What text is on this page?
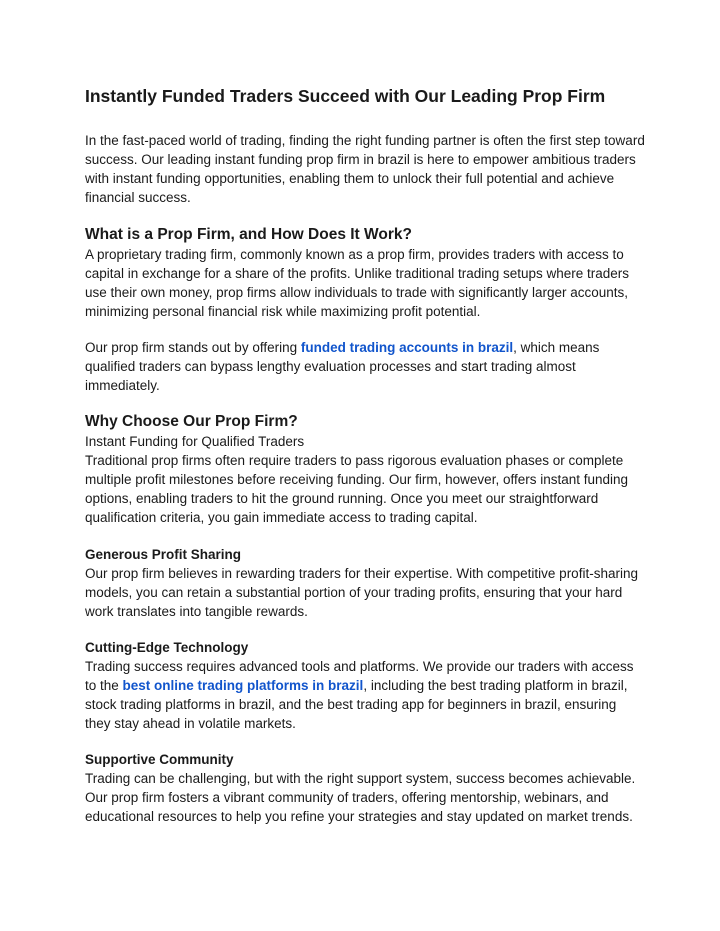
Instantly Funded Traders Succeed with Our Leading Prop Firm

In the fast-paced world of trading, finding the right funding partner is often the first step toward success. Our leading instant funding prop firm in brazil is here to empower ambitious traders with instant funding opportunities, enabling them to unlock their full potential and achieve financial success.

What is a Prop Firm, and How Does It Work?

A proprietary trading firm, commonly known as a prop firm, provides traders with access to capital in exchange for a share of the profits. Unlike traditional trading setups where traders use their own money, prop firms allow individuals to trade with significantly larger accounts, minimizing personal financial risk while maximizing profit potential.

Our prop firm stands out by offering funded trading accounts in brazil, which means qualified traders can bypass lengthy evaluation processes and start trading almost immediately.

Why Choose Our Prop Firm?

Instant Funding for Qualified Traders

Traditional prop firms often require traders to pass rigorous evaluation phases or complete multiple profit milestones before receiving funding. Our firm, however, offers instant funding options, enabling traders to hit the ground running. Once you meet our straightforward qualification criteria, you gain immediate access to trading capital.

Generous Profit Sharing

Our prop firm believes in rewarding traders for their expertise. With competitive profit-sharing models, you can retain a substantial portion of your trading profits, ensuring that your hard work translates into tangible rewards.

Cutting-Edge Technology

Trading success requires advanced tools and platforms. We provide our traders with access to the best online trading platforms in brazil, including the best trading platform in brazil, stock trading platforms in brazil, and the best trading app for beginners in brazil, ensuring they stay ahead in volatile markets.

Supportive Community

Trading can be challenging, but with the right support system, success becomes achievable. Our prop firm fosters a vibrant community of traders, offering mentorship, webinars, and educational resources to help you refine your strategies and stay updated on market trends.
